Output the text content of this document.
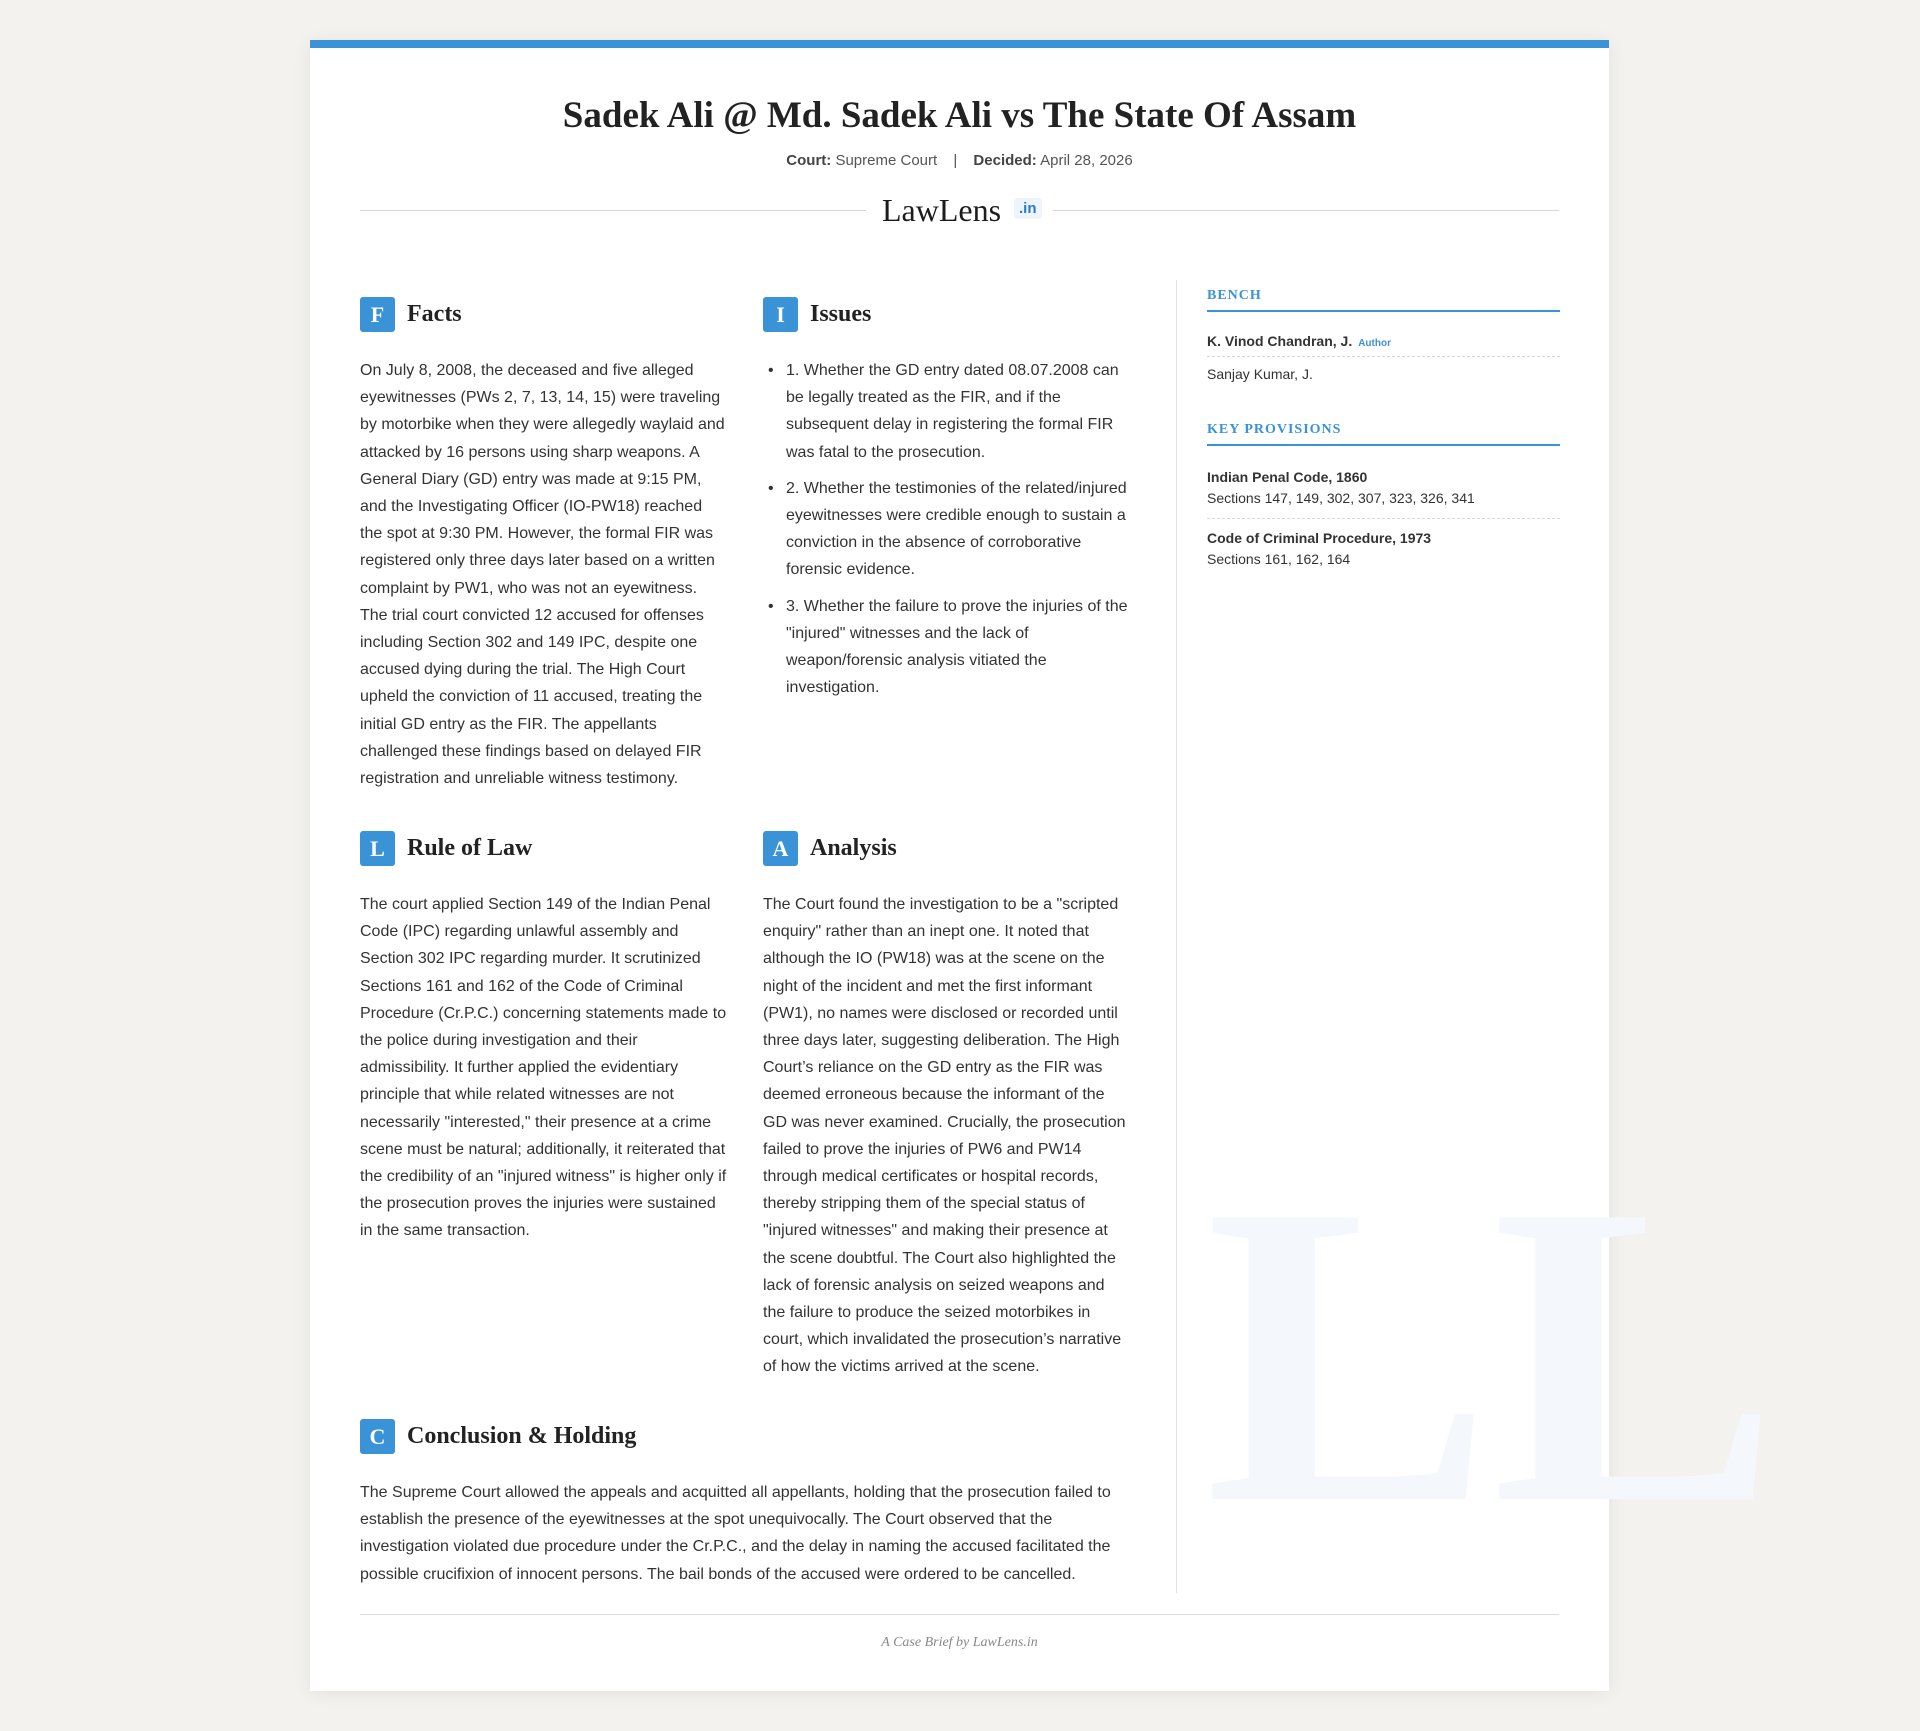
LL
Sadek Ali @ Md. Sadek Ali vs The State Of Assam
Court: Supreme Court | Decided: April 28, 2026
LawLens	.in
F Facts
On July 8, 2008, the deceased and five alleged eyewitnesses (PWs 2, 7, 13, 14, 15) were traveling by motorbike when they were allegedly waylaid and attacked by 16 persons using sharp weapons. A General Diary (GD) entry was made at 9:15 PM, and the Investigating Officer (IO-PW18) reached the spot at 9:30 PM. However, the formal FIR was registered only three days later based on a written complaint by PW1, who was not an eyewitness. The trial court convicted 12 accused for offenses including Section 302 and 149 IPC, despite one accused dying during the trial. The High Court upheld the conviction of 11 accused, treating the initial GD entry as the FIR. The appellants challenged these findings based on delayed FIR registration and unreliable witness testimony.
I	Issues
• 1. Whether the GD entry dated 08.07.2008 can be legally treated as the FIR, and if the subsequent delay in registering the formal FIR was fatal to the prosecution.
• 2. Whether the testimonies of the related/injured eyewitnesses were credible enough to sustain a conviction in the absence of corroborative forensic evidence.
• 3. Whether the failure to prove the injuries of the "injured" witnesses and the lack of weapon/forensic analysis vitiated the investigation.
L Rule of Law
The court applied Section 149 of the Indian Penal Code (IPC) regarding unlawful assembly and Section 302 IPC regarding murder. It scrutinized Sections 161 and 162 of the Code of Criminal Procedure (Cr.P.C.) concerning statements made to the police during investigation and their admissibility. It further applied the evidentiary principle that while related witnesses are not necessarily "interested," their presence at a crime scene must be natural; additionally, it reiterated that the credibility of an "injured witness" is higher only if the prosecution proves the injuries were sustained in the same transaction.
A Analysis
The Court found the investigation to be a "scripted enquiry" rather than an inept one. It noted that although the IO (PW18) was at the scene on the night of the incident and met the first informant (PW1), no names were disclosed or recorded until three days later, suggesting deliberation. The High Court’s reliance on the GD entry as the FIR was deemed erroneous because the informant of the GD was never examined. Crucially, the prosecution failed to prove the injuries of PW6 and PW14 through medical certificates or hospital records, thereby stripping them of the special status of "injured witnesses" and making their presence at the scene doubtful. The Court also highlighted the lack of forensic analysis on seized weapons and the failure to produce the seized motorbikes in court, which invalidated the prosecution’s narrative of how the victims arrived at the scene.
C Conclusion & Holding
The Supreme Court allowed the appeals and acquitted all appellants, holding that the prosecution failed to establish the presence of the eyewitnesses at the spot unequivocally. The Court observed that the investigation violated due procedure under the Cr.P.C., and the delay in naming the accused facilitated the possible crucifixion of innocent persons. The bail bonds of the accused were ordered to be cancelled.
BENCH
K. Vinod Chandran, J. Author
Sanjay Kumar, J.
KEY PROVISIONS
Indian Penal Code, 1860
Sections 147, 149, 302, 307, 323, 326, 341
Code of Criminal Procedure, 1973
Sections 161, 162, 164
A Case Brief by LawLens.in
